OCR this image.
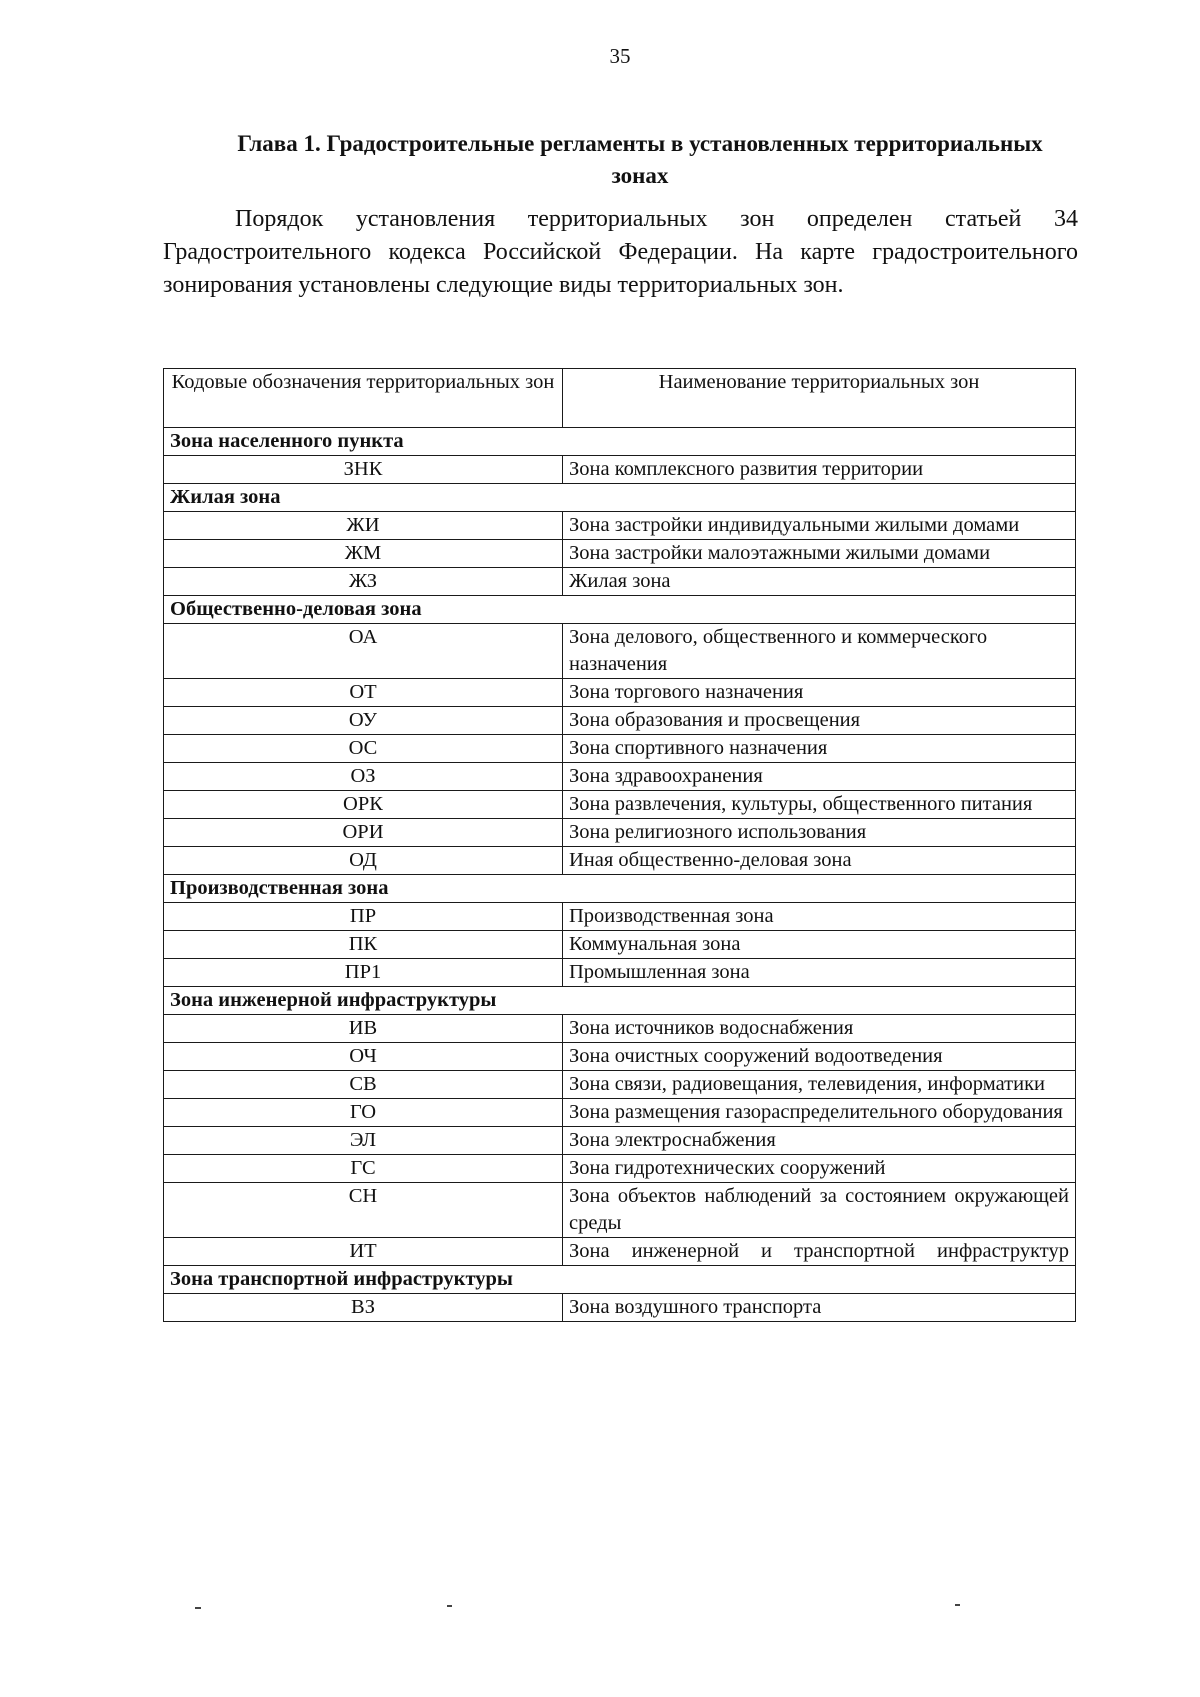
35
Глава 1. Градостроительные регламенты в установленных территориальных зонах

Порядок установления территориальных зон определен статьей 34 Градостроительного кодекса Российской Федерации. На карте градостроительного зонирования установлены следующие виды территориальных зон.

Кодовые обозначения территориальных зон	Наименование территориальных зон
Зона населенного пункта	
ЗНК	Зона комплексного развития территории
Жилая зона	
ЖИ	Зона застройки индивидуальными жилыми домами
ЖМ	Зона застройки малоэтажными жилыми домами
ЖЗ	Жилая зона
Общественно-деловая зона	
ОА	Зона делового, общественного и коммерческого назначения
ОТ	Зона торгового назначения
ОУ	Зона образования и просвещения
ОС	Зона спортивного назначения
ОЗ	Зона здравоохранения
ОРК	Зона развлечения, культуры, общественного питания
ОРИ	Зона религиозного использования
ОД	Иная общественно-деловая зона
Производственная зона	
ПР	Производственная зона
ПК	Коммунальная зона
ПР1	Промышленная зона
Зона инженерной инфраструктуры	
ИВ	Зона источников водоснабжения
ОЧ	Зона очистных сооружений водоотведения
СВ	Зона связи, радиовещания, телевидения, информатики
ГО	Зона размещения газораспределительного оборудования
ЭЛ	Зона электроснабжения
ГС	Зона гидротехнических сооружений
СН	Зона объектов наблюдений за состоянием окружающей среды
ИТ	Зона инженерной и транспортной инфраструктур
Зона транспортной инфраструктуры	
ВЗ	Зона воздушного транспорта
